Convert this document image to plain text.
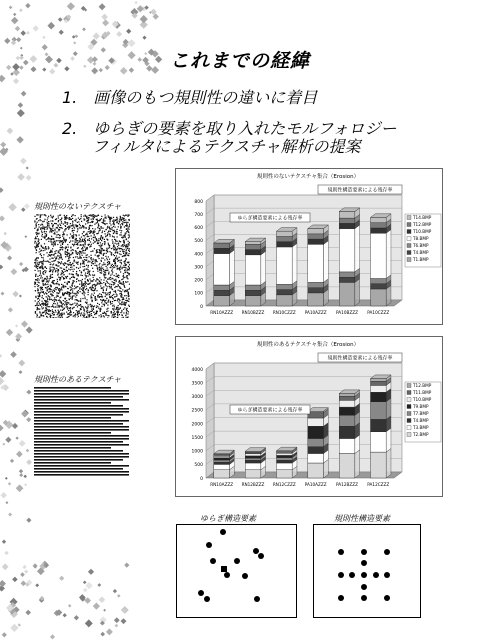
これまでの経緯
1.　画像のもつ規則性の違いに着目
2.　ゆらぎの要素を取り入れたモルフォロジー
フィルタによるテクスチャ解析の提案
規則性のないテクスチャ
規則性のあるテクスチャ
規則性のないテクスチャ集合（Erosion）
0
100
200
300
400
500
600
700
800
RN10AZZZ RN10BZZZ RN10CZZZ PA10AZZZ PA10BZZZ PA10CZZZ
規則性構造要素による残存率
ゆらぎ構造要素による残存率	T14.BMP
T12.BMP
T10.BMP
T8.BMP
T6.BMP
T4.BMP
T1.BMP
規則性のあるテクスチャ集合（Erosion）
0
500
1000
1500
2000
2500
3000
3500
4000
RN10AZZZ RN12BZZZ RN12CZZZ PA10AZZZ PA12BZZZ PA12CZZZ
規則性構造要素による残存率
ゆらぎ構造要素による残存率
T12.BMP
T11.BMP
T10.BMP
T9.BMP
T7.BMP
T4.BMP
T3.BMP
T2.BMP
ゆらぎ構造要素	規則性構造要素
